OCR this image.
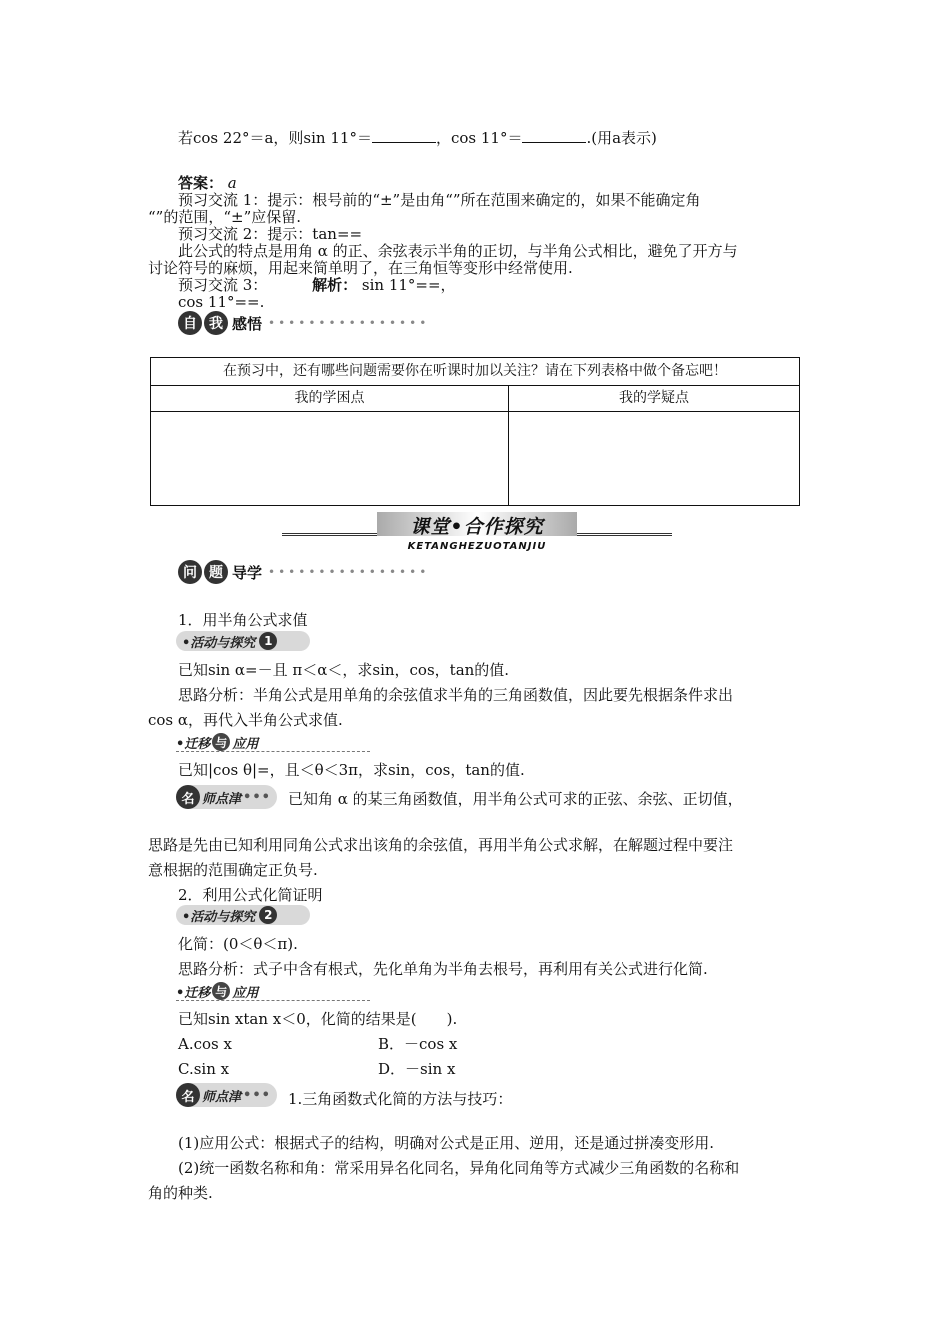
若cos 22°＝a，则sin 11°＝	，cos 11°＝	.(用a表示)
答案： a
预习交流 1：提示：根号前的“±”是由角“”所在范围来确定的，如果不能确定角
“”的范围，“±”应保留.
预习交流 2：提示：tan==
此公式的特点是用角 α 的正、余弦表示半角的正切，与半角公式相比，避免了开方与
讨论符号的麻烦，用起来简单明了，在三角恒等变形中经常使用.
预习交流 3：	解析： sin 11°==，
cos 11°==.
自 我 感悟 ••••••••••••••••
在预习中，还有哪些问题需要你在听课时加以关注？请在下列表格中做个备忘吧！
我的学困点	我的学疑点
课堂•合作探究
KETANGHEZUOTANJIU
问 题 导学 ••••••••••••••••
1．用半角公式求值
•活动与探究 1
已知sin α=－且 π＜α＜，求sin，cos，tan的值.
思路分析：半角公式是用单角的余弦值求半角的三角函数值，因此要先根据条件求出
cos α，再代入半角公式求值.
•迁移 与 应用
已知|cos θ|=，且＜θ＜3π，求sin，cos，tan的值.
名 师点津 ••• 已知角 α 的某三角函数值，用半角公式可求的正弦、余弦、正切值，
思路是先由已知利用同角公式求出该角的余弦值，再用半角公式求解，在解题过程中要注
意根据的范围确定正负号.
2．利用公式化简证明
•活动与探究 2
化简：(0＜θ＜π).
思路分析：式子中含有根式，先化单角为半角去根号，再利用有关公式进行化简.
•迁移 与 应用
已知sin xtan x＜0，化简的结果是(　　).
A.cos x	B．－cos x
C.sin x	D．－sin x
名 师点津 ••• 1.三角函数式化简的方法与技巧：
(1)应用公式：根据式子的结构，明确对公式是正用、逆用，还是通过拼凑变形用.
(2)统一函数名称和角：常采用异名化同名，异角化同角等方式减少三角函数的名称和
角的种类.
